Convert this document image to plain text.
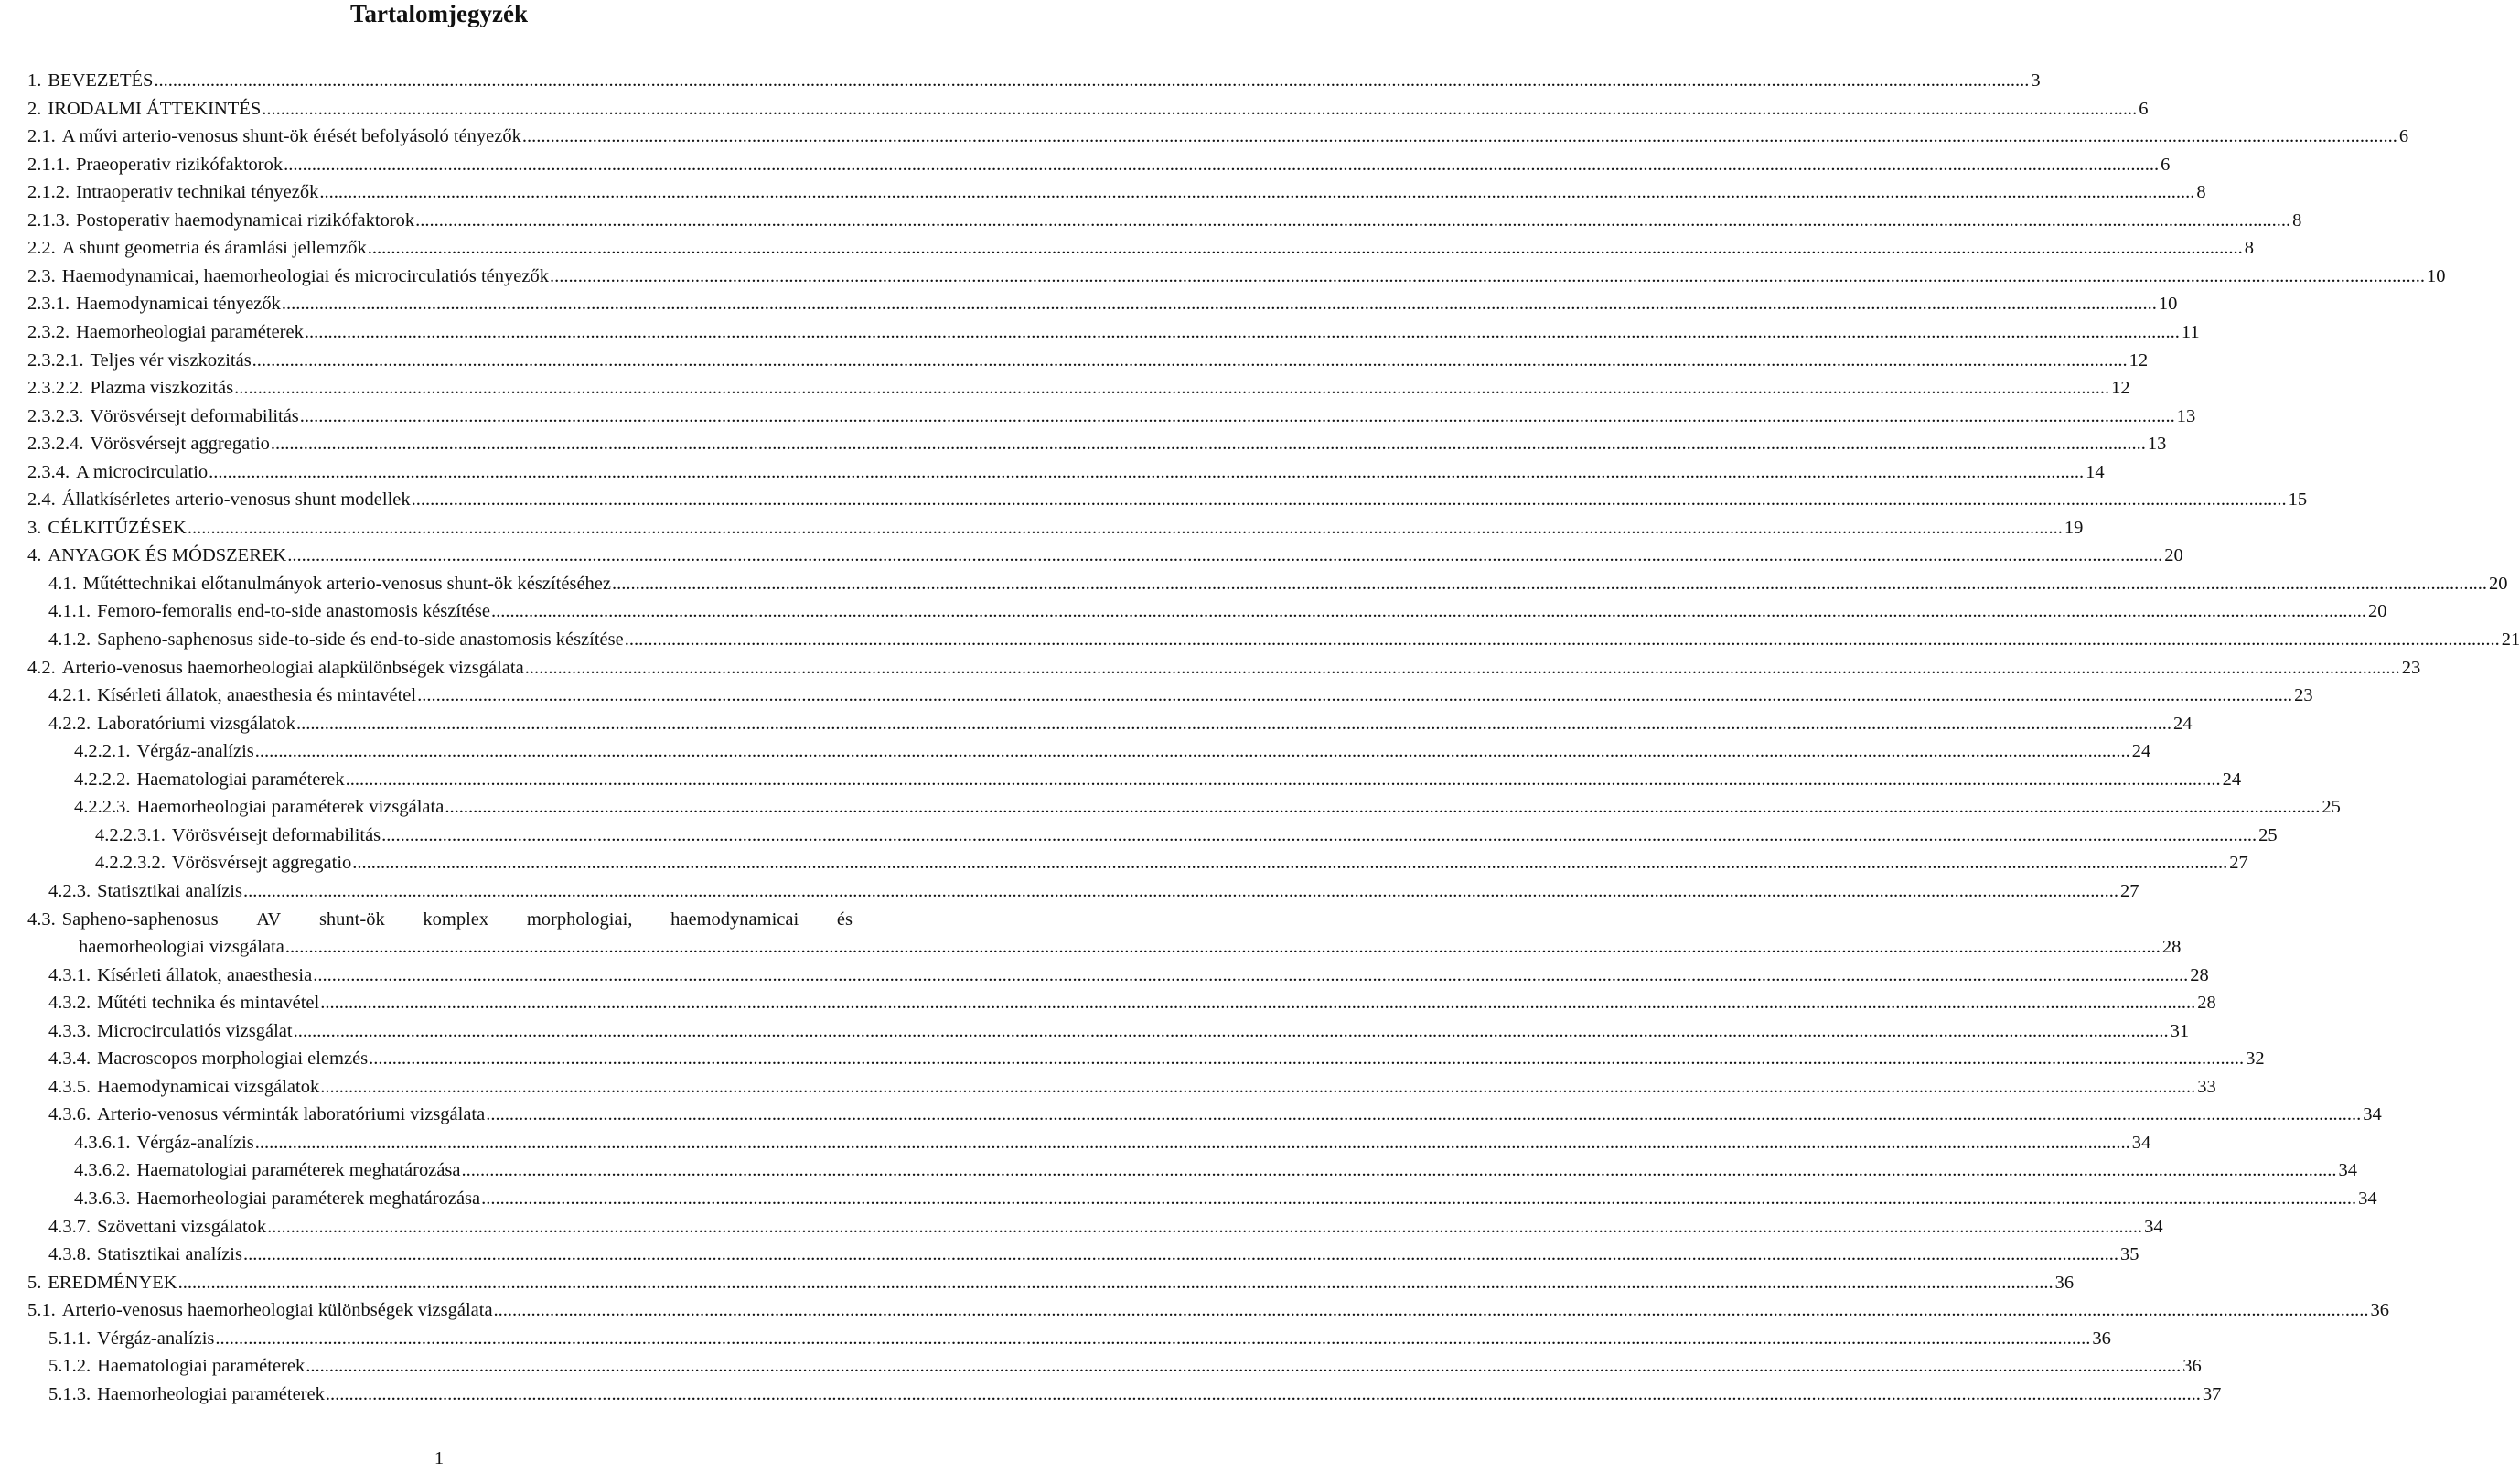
Tartalomjegyzék
1. BEVEZETÉS ................................................................................................................................................................................................................................................................................................................................................................................................................ 3
2. IRODALMI ÁTTEKINTÉS ................................................................................................................................................................................................................................................................................................................................................................................................................ 6
2.1. A művi arterio-venosus shunt-ök érését befolyásoló tényezők ................................................................................................................................................................................................................................................................................................................................................................................................................ 6
2.1.1. Praeoperativ rizikófaktorok ................................................................................................................................................................................................................................................................................................................................................................................................................ 6
2.1.2. Intraoperativ technikai tényezők ................................................................................................................................................................................................................................................................................................................................................................................................................ 8
2.1.3. Postoperativ haemodynamicai rizikófaktorok ................................................................................................................................................................................................................................................................................................................................................................................................................ 8
2.2. A shunt geometria és áramlási jellemzők ................................................................................................................................................................................................................................................................................................................................................................................................................ 8
2.3. Haemodynamicai, haemorheologiai és microcirculatiós tényezők ................................................................................................................................................................................................................................................................................................................................................................................................................ 10
2.3.1. Haemodynamicai tényezők ................................................................................................................................................................................................................................................................................................................................................................................................................ 10
2.3.2. Haemorheologiai paraméterek ................................................................................................................................................................................................................................................................................................................................................................................................................ 11
2.3.2.1. Teljes vér viszkozitás ................................................................................................................................................................................................................................................................................................................................................................................................................ 12
2.3.2.2. Plazma viszkozitás ................................................................................................................................................................................................................................................................................................................................................................................................................ 12
2.3.2.3. Vörösvérsejt deformabilitás ................................................................................................................................................................................................................................................................................................................................................................................................................ 13
2.3.2.4. Vörösvérsejt aggregatio ................................................................................................................................................................................................................................................................................................................................................................................................................ 13
2.3.4. A microcirculatio ................................................................................................................................................................................................................................................................................................................................................................................................................ 14
2.4. Állatkísérletes arterio-venosus shunt modellek ................................................................................................................................................................................................................................................................................................................................................................................................................ 15
3. CÉLKITŰZÉSEK ................................................................................................................................................................................................................................................................................................................................................................................................................ 19
4. ANYAGOK ÉS MÓDSZEREK ................................................................................................................................................................................................................................................................................................................................................................................................................ 20
4.1. Műtéttechnikai előtanulmányok arterio-venosus shunt-ök készítéséhez ................................................................................................................................................................................................................................................................................................................................................................................................................ 20
4.1.1. Femoro-femoralis end-to-side anastomosis készítése ................................................................................................................................................................................................................................................................................................................................................................................................................ 20
4.1.2. Sapheno-saphenosus side-to-side és end-to-side anastomosis készítése ................................................................................................................................................................................................................................................................................................................................................................................................................ 21
4.2. Arterio-venosus haemorheologiai alapkülönbségek vizsgálata ................................................................................................................................................................................................................................................................................................................................................................................................................ 23
4.2.1. Kísérleti állatok, anaesthesia és mintavétel ................................................................................................................................................................................................................................................................................................................................................................................................................ 23
4.2.2. Laboratóriumi vizsgálatok ................................................................................................................................................................................................................................................................................................................................................................................................................ 24
4.2.2.1. Vérgáz-analízis ................................................................................................................................................................................................................................................................................................................................................................................................................ 24
4.2.2.2. Haematologiai paraméterek ................................................................................................................................................................................................................................................................................................................................................................................................................ 24
4.2.2.3. Haemorheologiai paraméterek vizsgálata ................................................................................................................................................................................................................................................................................................................................................................................................................ 25
4.2.2.3.1. Vörösvérsejt deformabilitás ................................................................................................................................................................................................................................................................................................................................................................................................................ 25
4.2.2.3.2. Vörösvérsejt aggregatio ................................................................................................................................................................................................................................................................................................................................................................................................................ 27
4.2.3. Statisztikai analízis ................................................................................................................................................................................................................................................................................................................................................................................................................ 27
4.3. Sapheno-saphenosus AV shunt-ök komplex morphologiai, haemodynamicai és
haemorheologiai vizsgálata ................................................................................................................................................................................................................................................................................................................................................................................................................ 28
4.3.1. Kísérleti állatok, anaesthesia ................................................................................................................................................................................................................................................................................................................................................................................................................ 28
4.3.2. Műtéti technika és mintavétel ................................................................................................................................................................................................................................................................................................................................................................................................................ 28
4.3.3. Microcirculatiós vizsgálat ................................................................................................................................................................................................................................................................................................................................................................................................................ 31
4.3.4. Macroscopos morphologiai elemzés ................................................................................................................................................................................................................................................................................................................................................................................................................ 32
4.3.5. Haemodynamicai vizsgálatok ................................................................................................................................................................................................................................................................................................................................................................................................................ 33
4.3.6. Arterio-venosus vérminták laboratóriumi vizsgálata ................................................................................................................................................................................................................................................................................................................................................................................................................ 34
4.3.6.1. Vérgáz-analízis ................................................................................................................................................................................................................................................................................................................................................................................................................ 34
4.3.6.2. Haematologiai paraméterek meghatározása ................................................................................................................................................................................................................................................................................................................................................................................................................ 34
4.3.6.3. Haemorheologiai paraméterek meghatározása ................................................................................................................................................................................................................................................................................................................................................................................................................ 34
4.3.7. Szövettani vizsgálatok ................................................................................................................................................................................................................................................................................................................................................................................................................ 34
4.3.8. Statisztikai analízis ................................................................................................................................................................................................................................................................................................................................................................................................................ 35
5. EREDMÉNYEK ................................................................................................................................................................................................................................................................................................................................................................................................................ 36
5.1. Arterio-venosus haemorheologiai különbségek vizsgálata ................................................................................................................................................................................................................................................................................................................................................................................................................ 36
5.1.1. Vérgáz-analízis ................................................................................................................................................................................................................................................................................................................................................................................................................ 36
5.1.2. Haematologiai paraméterek ................................................................................................................................................................................................................................................................................................................................................................................................................ 36
5.1.3. Haemorheologiai paraméterek ................................................................................................................................................................................................................................................................................................................................................................................................................ 37
1
